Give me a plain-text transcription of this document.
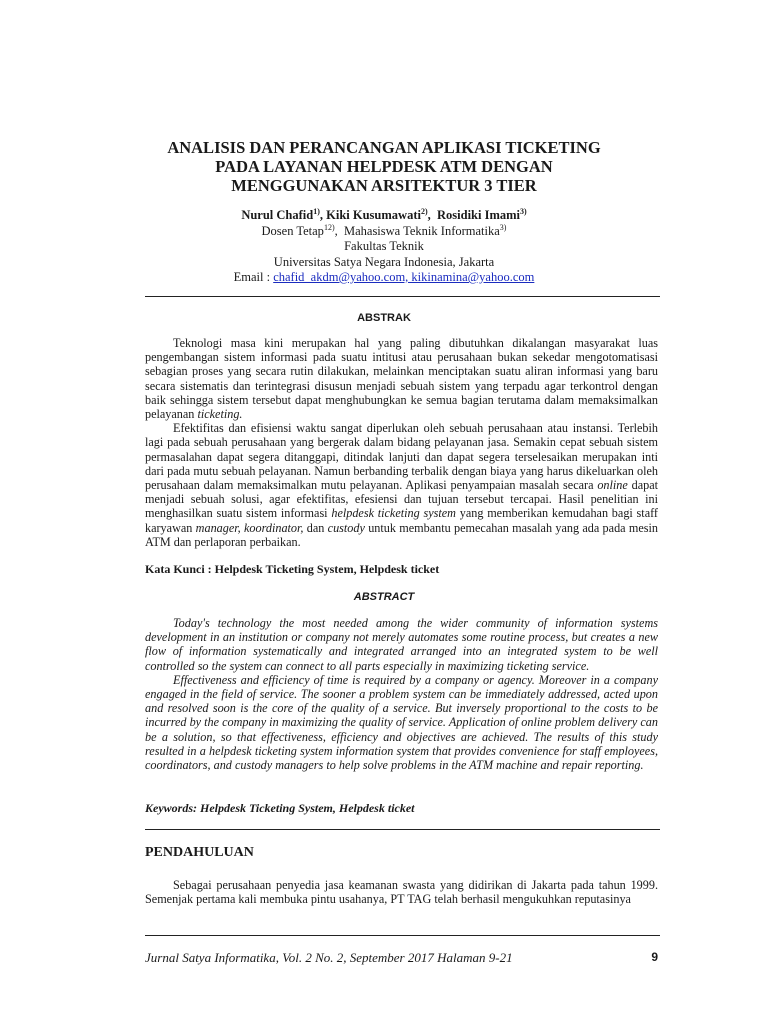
ANALISIS DAN PERANCANGAN APLIKASI TICKETING
PADA LAYANAN HELPDESK ATM DENGAN
MENGGUNAKAN ARSITEKTUR 3 TIER
Nurul Chafid$^{1)}$, Kiki Kusumawati$^{2)}$,  Rosidiki Imami$^{3)}$
Dosen Tetap$^{12)}$,  Mahasiswa Teknik Informatika$^{3)}$
Fakultas Teknik
Universitas Satya Negara Indonesia, Jakarta
Email : chafid_akdm@yahoo.com, kikinamina@yahoo.com
ABSTRAK

Teknologi masa kini merupakan hal yang paling dibutuhkan dikalangan masyarakat luas pengembangan sistem informasi pada suatu intitusi atau perusahaan bukan sekedar mengotomatisasi sebagian proses yang secara rutin dilakukan, melainkan menciptakan suatu aliran informasi yang baru secara sistematis dan terintegrasi disusun menjadi sebuah sistem yang terpadu agar terkontrol dengan baik sehingga sistem tersebut dapat menghubungkan ke semua bagian terutama dalam memaksimalkan pelayanan ticketing.

Efektifitas dan efisiensi waktu sangat diperlukan oleh sebuah perusahaan atau instansi. Terlebih lagi pada sebuah perusahaan yang bergerak dalam bidang pelayanan jasa. Semakin cepat sebuah sistem permasalahan dapat segera ditanggapi, ditindak lanjuti dan dapat segera terselesaikan merupakan inti dari pada mutu sebuah pelayanan. Namun berbanding terbalik dengan biaya yang harus dikeluarkan oleh perusahaan dalam memaksimalkan mutu pelayanan. Aplikasi penyampaian masalah secara online dapat menjadi sebuah solusi, agar efektifitas, efesiensi dan tujuan tersebut tercapai. Hasil penelitian ini menghasilkan suatu sistem informasi helpdesk ticketing system yang memberikan kemudahan bagi staff karyawan manager, koordinator, dan custody untuk membantu pemecahan masalah yang ada pada mesin ATM dan perlaporan perbaikan.

Kata Kunci : Helpdesk Ticketing System, Helpdesk ticket
ABSTRACT

Today's technology the most needed among the wider community of information systems development in an institution or company not merely automates some routine process, but creates a new flow of information systematically and integrated arranged into an integrated system to be well controlled so the system can connect to all parts especially in maximizing ticketing service.

Effectiveness and efficiency of time is required by a company or agency. Moreover in a company engaged in the field of service. The sooner a problem system can be immediately addressed, acted upon and resolved soon is the core of the quality of a service. But inversely proportional to the costs to be incurred by the company in maximizing the quality of service. Application of online problem delivery can be a solution, so that effectiveness, efficiency and objectives are achieved. The results of this study resulted in a helpdesk ticketing system information system that provides convenience for staff employees, coordinators, and custody managers to help solve problems in the ATM machine and repair reporting.

Keywords: Helpdesk Ticketing System, Helpdesk ticket
PENDAHULUAN

Sebagai perusahaan penyedia jasa keamanan swasta yang didirikan di Jakarta pada tahun 1999. Semenjak pertama kali membuka pintu usahanya, PT TAG telah berhasil mengukuhkan reputasinya

Jurnal Satya Informatika, Vol. 2 No. 2, September 2017 Halaman 9-21	9
